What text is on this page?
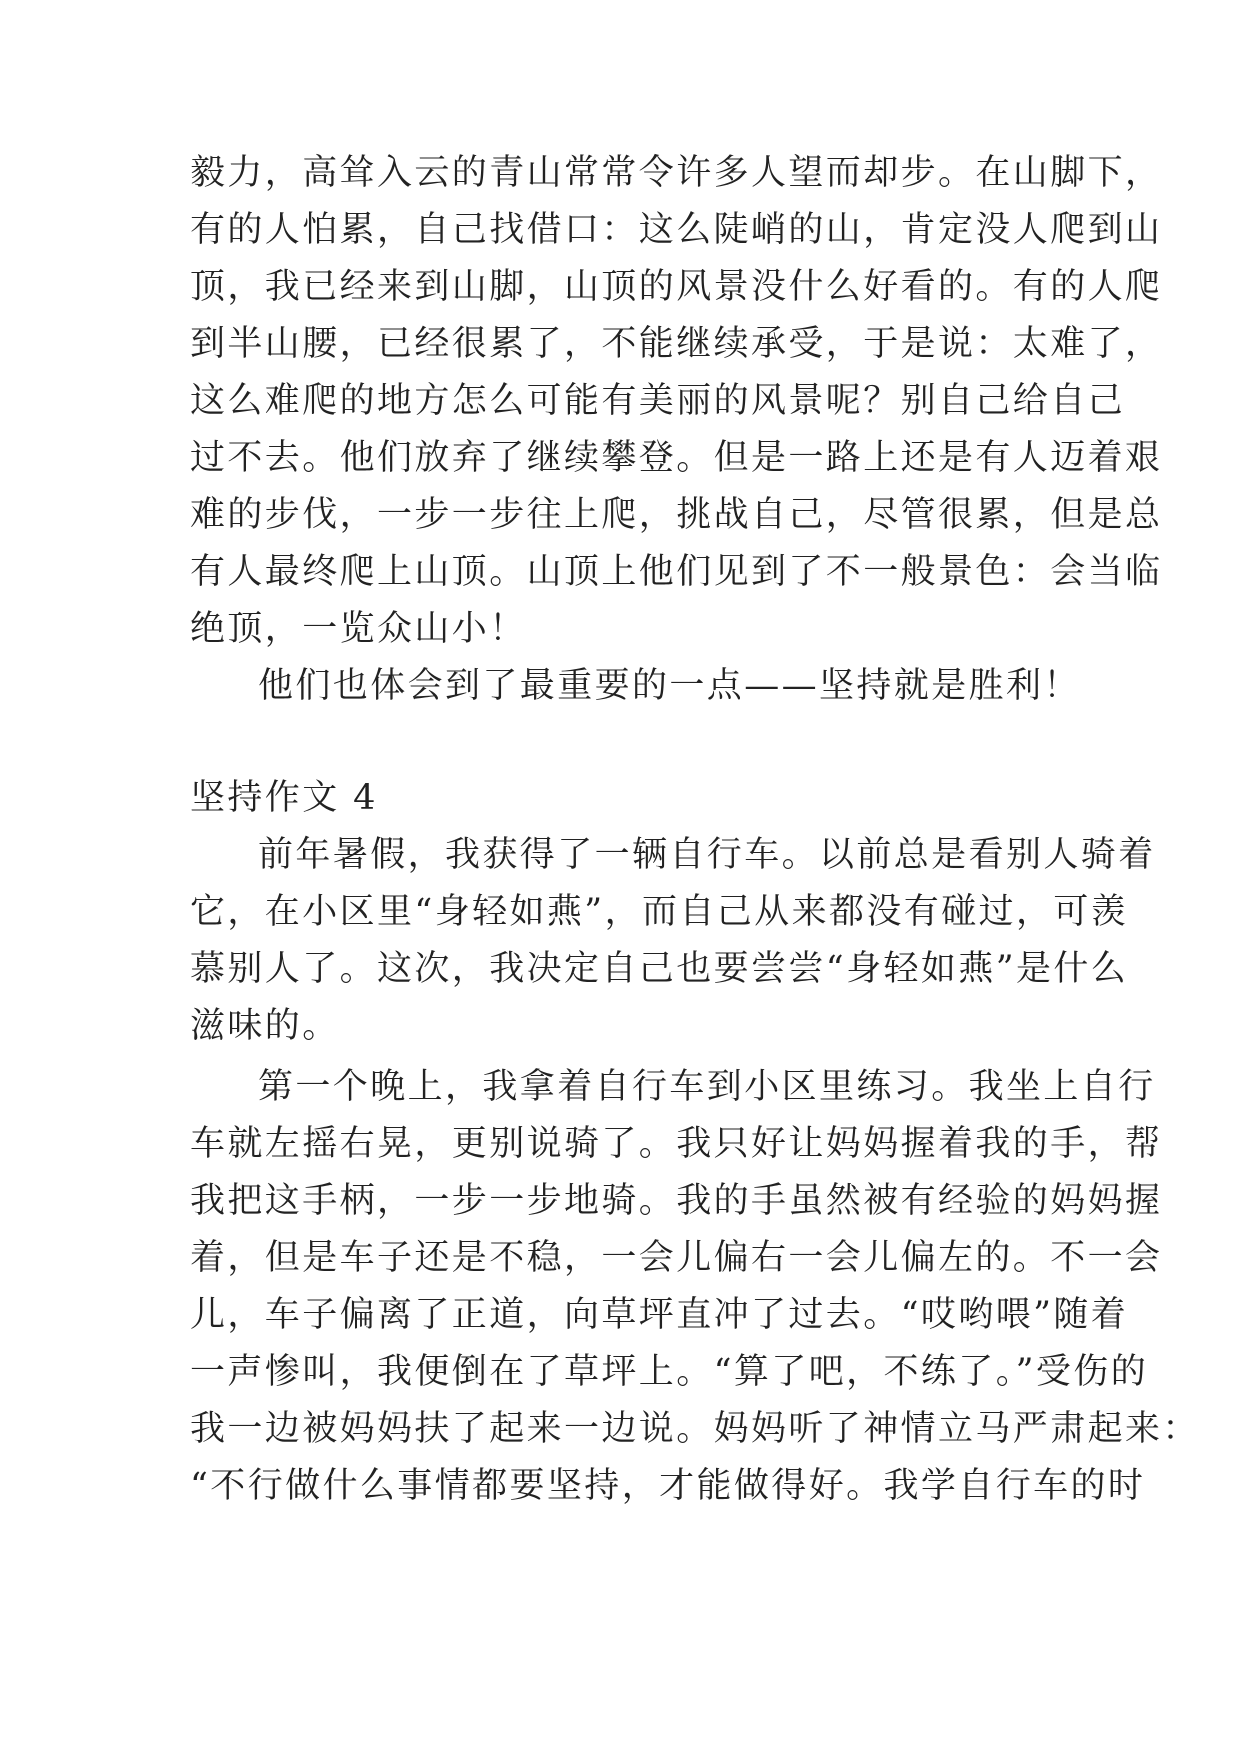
毅力，高耸入云的青山常常令许多人望而却步。在山脚下，
有的人怕累，自己找借口：这么陡峭的山，肯定没人爬到山
顶，我已经来到山脚，山顶的风景没什么好看的。有的人爬
到半山腰，已经很累了，不能继续承受，于是说：太难了，
这么难爬的地方怎么可能有美丽的风景呢？别自己给自己
过不去。他们放弃了继续攀登。但是一路上还是有人迈着艰
难的步伐，一步一步往上爬，挑战自己，尽管很累，但是总
有人最终爬上山顶。山顶上他们见到了不一般景色：会当临
绝顶，一览众山小！
他们也体会到了最重要的一点——坚持就是胜利！
坚持作文 4
前年暑假，我获得了一辆自行车。以前总是看别人骑着
它，在小区里“身轻如燕”，而自己从来都没有碰过，可羡
慕别人了。这次，我决定自己也要尝尝“身轻如燕”是什么
滋味的。
第一个晚上，我拿着自行车到小区里练习。我坐上自行
车就左摇右晃，更别说骑了。我只好让妈妈握着我的手，帮
我把这手柄，一步一步地骑。我的手虽然被有经验的妈妈握
着，但是车子还是不稳，一会儿偏右一会儿偏左的。不一会
儿，车子偏离了正道，向草坪直冲了过去。“哎哟喂”随着
一声惨叫，我便倒在了草坪上。“算了吧，不练了。”受伤的
我一边被妈妈扶了起来一边说。妈妈听了神情立马严肃起来：
“不行做什么事情都要坚持，才能做得好。我学自行车的时
